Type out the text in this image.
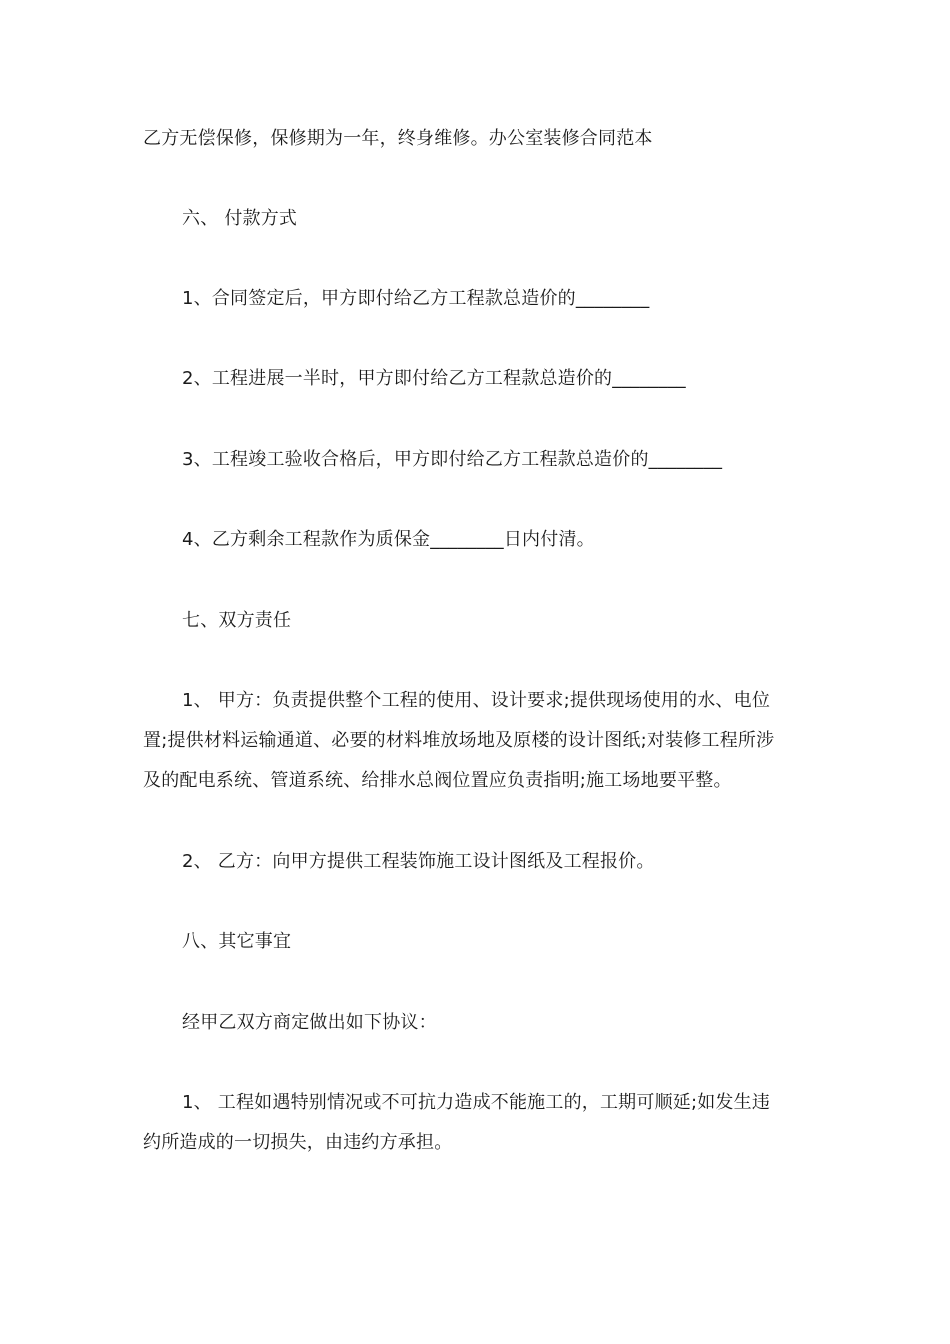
乙方无偿保修，保修期为一年，终身维修。办公室装修合同范本
六、 付款方式
1、合同签定后，甲方即付给乙方工程款总造价的________
2、工程进展一半时，甲方即付给乙方工程款总造价的________
3、工程竣工验收合格后，甲方即付给乙方工程款总造价的________
4、乙方剩余工程款作为质保金________日内付清。
七、双方责任
1、 甲方：负责提供整个工程的使用、设计要求;提供现场使用的水、电位
置;提供材料运输通道、必要的材料堆放场地及原楼的设计图纸;对装修工程所涉
及的配电系统、管道系统、给排水总阀位置应负责指明;施工场地要平整。
2、 乙方：向甲方提供工程装饰施工设计图纸及工程报价。
八、其它事宜
经甲乙双方商定做出如下协议：
1、 工程如遇特别情况或不可抗力造成不能施工的，工期可顺延;如发生违
约所造成的一切损失，由违约方承担。
